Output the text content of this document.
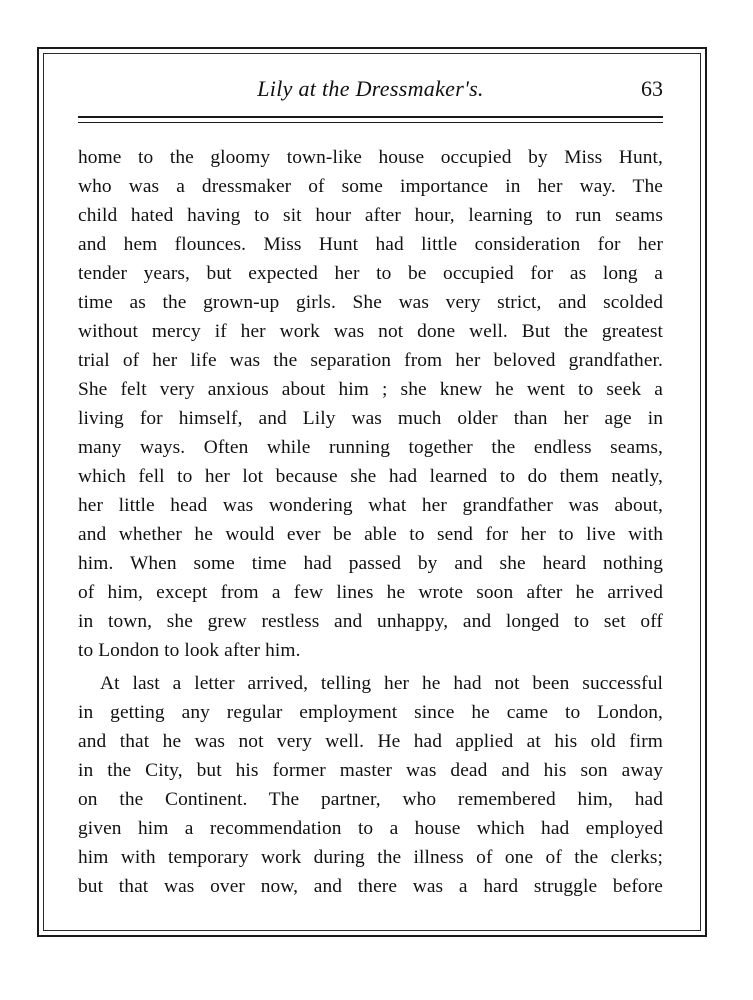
Lily at the Dressmaker's.	63
home to the gloomy town-like house occupied by Miss Hunt,
who was a dressmaker of some importance in her way. The
child hated having to sit hour after hour, learning to run seams
and hem flounces. Miss Hunt had little consideration for her
tender years, but expected her to be occupied for as long a
time as the grown-up girls. She was very strict, and scolded
without mercy if her work was not done well. But the greatest
trial of her life was the separation from her beloved grandfather.
She felt very anxious about him ; she knew he went to seek a
living for himself, and Lily was much older than her age in
many ways. Often while running together the endless seams,
which fell to her lot because she had learned to do them neatly,
her little head was wondering what her grandfather was about,
and whether he would ever be able to send for her to live with
him. When some time had passed by and she heard nothing
of him, except from a few lines he wrote soon after he arrived
in town, she grew restless and unhappy, and longed to set off
to London to look after him.
At last a letter arrived, telling her he had not been successful
in getting any regular employment since he came to London,
and that he was not very well. He had applied at his old firm
in the City, but his former master was dead and his son away
on the Continent. The partner, who remembered him, had
given him a recommendation to a house which had employed
him with temporary work during the illness of one of the clerks;
but that was over now, and there was a hard struggle before
